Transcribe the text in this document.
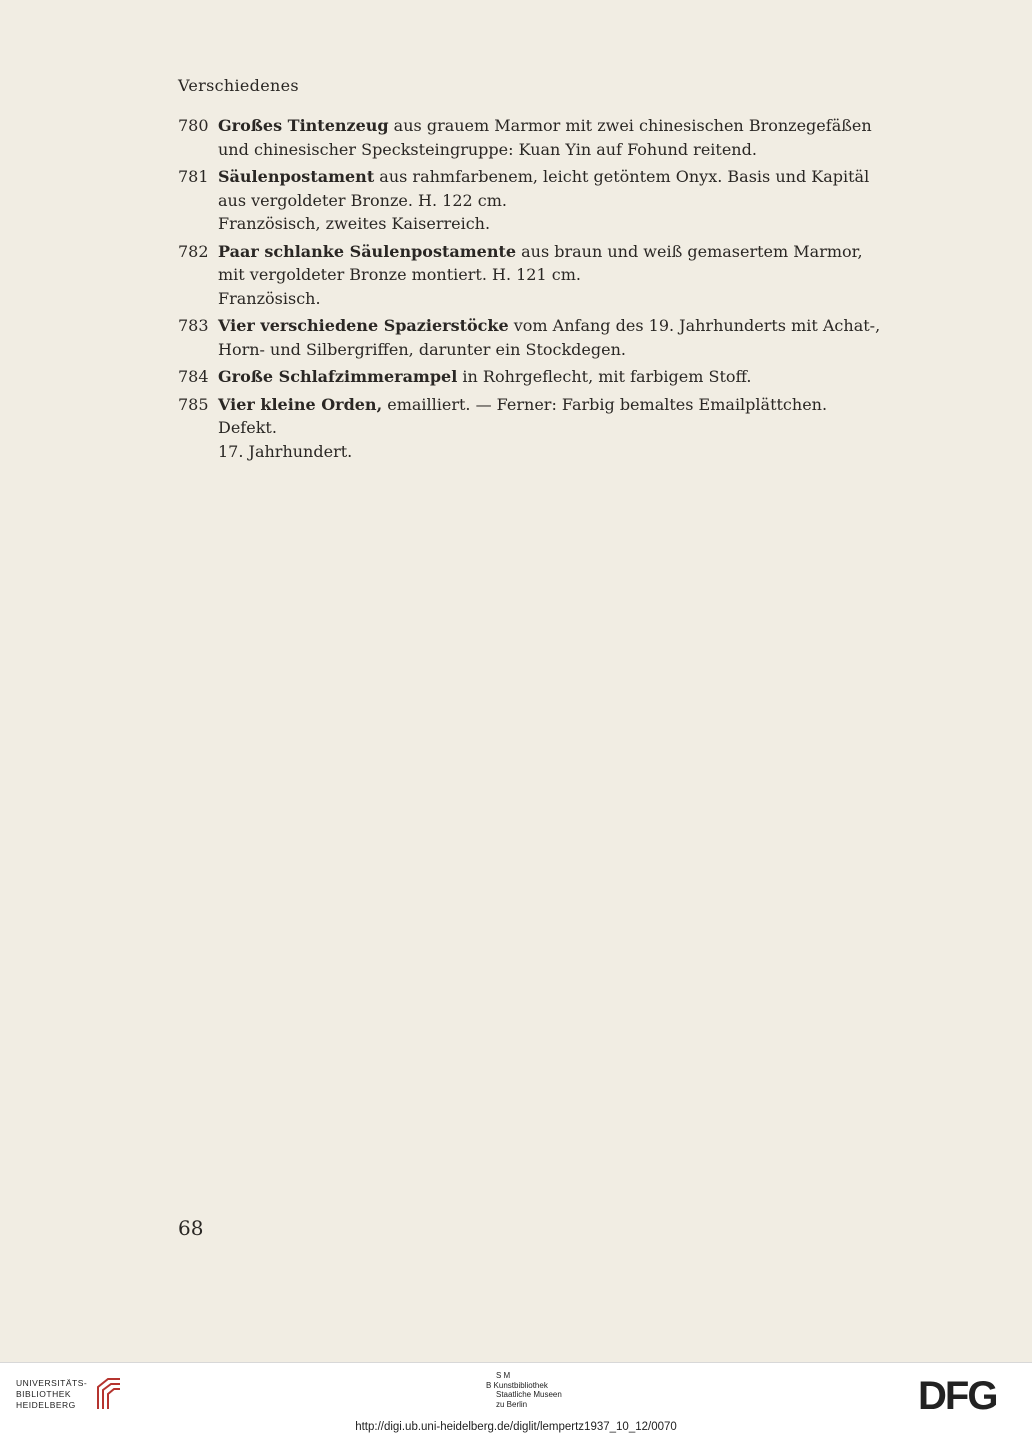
Verschiedenes
780 Großes Tintenzeug aus grauem Marmor mit zwei chinesischen Bronzegefäßen
und chinesischer Specksteingruppe: Kuan Yin auf Fohund reitend.
781 Säulenpostament aus rahmfarbenem, leicht getöntem Onyx. Basis und Kapitäl
aus vergoldeter Bronze. H. 122 cm.
Französisch, zweites Kaiserreich.
782 Paar schlanke Säulenpostamente aus braun und weiß gemasertem Marmor,
mit vergoldeter Bronze montiert. H. 121 cm.
Französisch.
783 Vier verschiedene Spazierstöcke vom Anfang des 19. Jahrhunderts mit Achat-,
Horn- und Silbergriffen, darunter ein Stockdegen.
784 Große Schlafzimmerampel in Rohrgeflecht, mit farbigem Stoff.
785 Vier kleine Orden, emailliert. — Ferner: Farbig bemaltes Emailplättchen.
Defekt.
17. Jahrhundert.
68
UNIVERSITÄTS-
BIBLIOTHEK
HEIDELBERG
S M
B Kunstbibliothek
Staatliche Museen
zu Berlin	DFG
http://digi.ub.uni-heidelberg.de/diglit/lempertz1937_10_12/0070
